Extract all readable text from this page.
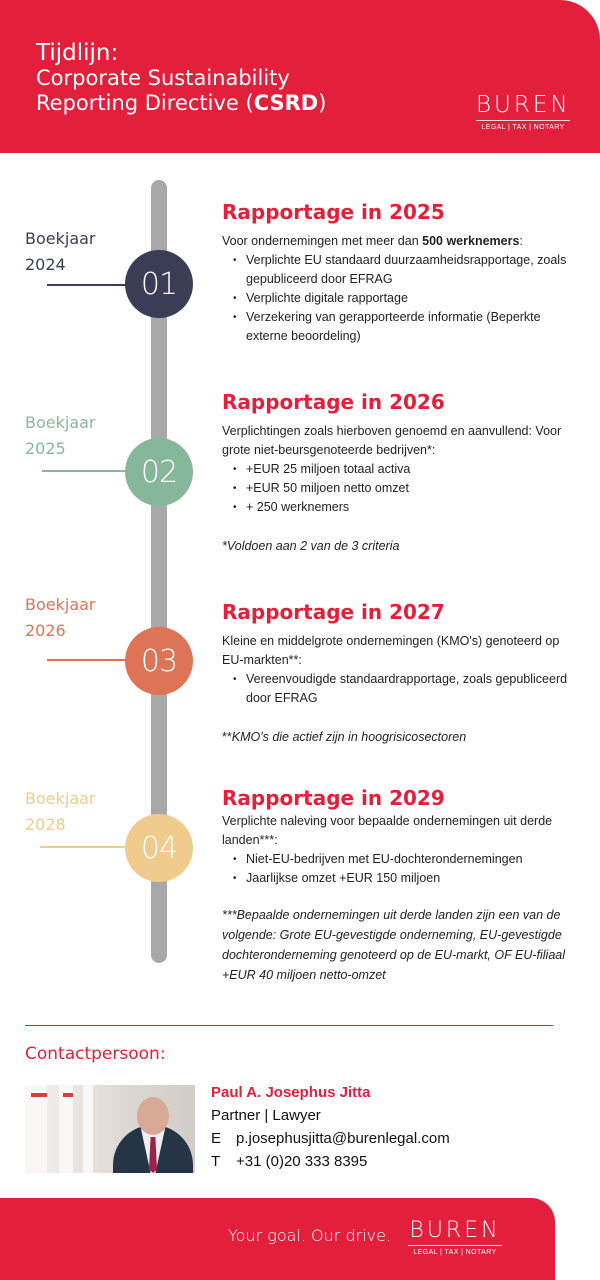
Tijdlijn:
Corporate Sustainability
Reporting Directive (CSRD)	BUREN
LEGAL | TAX | NOTARY
Boekjaar
2024
01
Rapportage in 2025

Voor ondernemingen met meer dan 500 werknemers:

• Verplichte EU standaard duurzaamheidsrapportage, zoals gepubliceerd door EFRAG
• Verplichte digitale rapportage
• Verzekering van gerapporteerde informatie (Beperkte externe beoordeling)
Boekjaar
2025
02
Rapportage in 2026

Verplichtingen zoals hierboven genoemd en aanvullend: Voor grote niet-beursgenoteerde bedrijven*:

• +EUR 25 miljoen totaal activa
• +EUR 50 miljoen netto omzet
• + 250 werknemers

*Voldoen aan 2 van de 3 criteria

Boekjaar
2026
03
Rapportage in 2027

Kleine en middelgrote ondernemingen (KMO's) genoteerd op EU-markten**:

• Vereenvoudigde standaardrapportage, zoals gepubliceerd door EFRAG

**KMO's die actief zijn in hoogrisicosectoren

Boekjaar
2028
04
Rapportage in 2029

Verplichte naleving voor bepaalde ondernemingen uit derde landen***:

• Niet-EU-bedrijven met EU-dochterondernemingen
• Jaarlijkse omzet +EUR 150 miljoen

***Bepaalde ondernemingen uit derde landen zijn een van de volgende: Grote EU-gevestigde onderneming, EU-gevestigde dochteronderneming genoteerd op de EU-markt, OF EU-filiaal +EUR 40 miljoen netto-omzet

Contactpersoon:
Paul A. Josephus Jitta
Partner | Lawyer
E p.josephusjitta@burenlegal.com
T +31 (0)20 333 8395
Your goal. Our drive. BUREN
LEGAL | TAX | NOTARY
